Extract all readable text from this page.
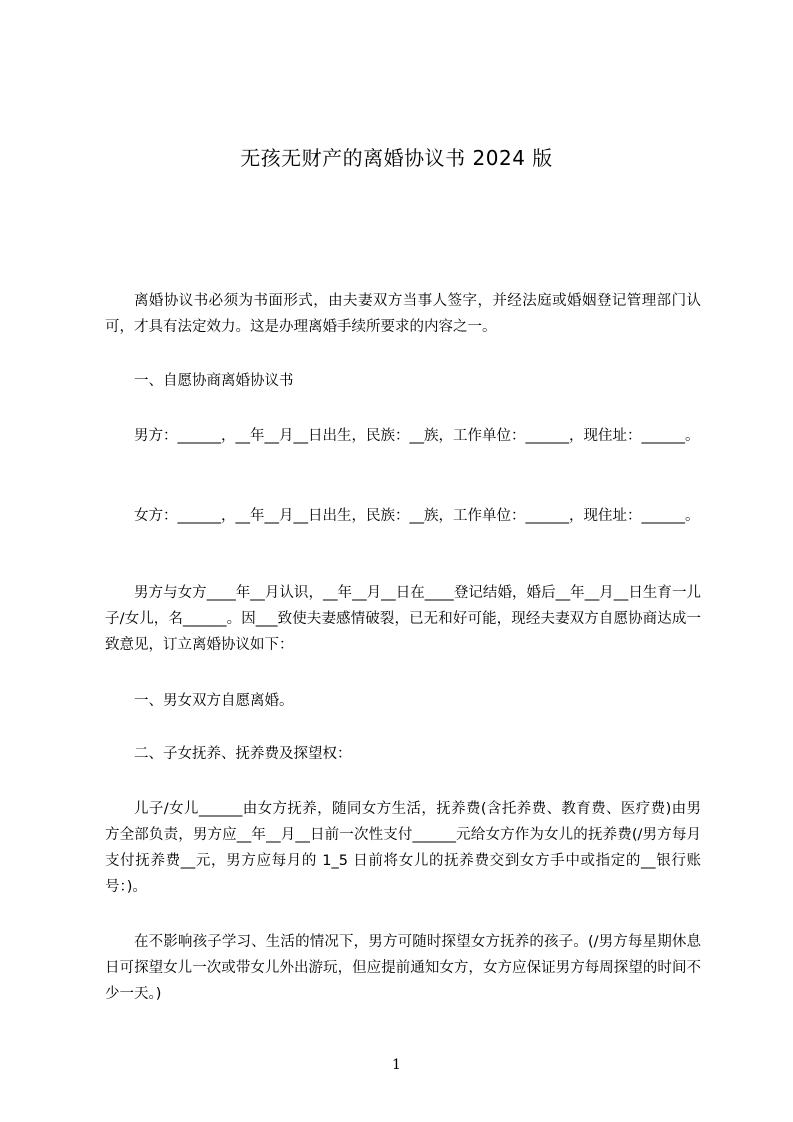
无孩无财产的离婚协议书 2024 版

离婚协议书必须为书面形式，由夫妻双方当事人签字，并经法庭或婚姻登记管理部门认可，才具有法定效力。这是办理离婚手续所要求的内容之一。

一、自愿协商离婚协议书

男方：______，__年__月__日出生，民族：__族，工作单位：______，现住址：______。

女方：______，__年__月__日出生，民族：__族，工作单位：______，现住址：______。

男方与女方____年__月认识，__年__月__日在____登记结婚，婚后__年__月__日生育一儿子/女儿，名______。因___致使夫妻感情破裂，已无和好可能，现经夫妻双方自愿协商达成一致意见，订立离婚协议如下：

一、男女双方自愿离婚。

二、子女抚养、抚养费及探望权：

儿子/女儿______由女方抚养，随同女方生活，抚养费(含托养费、教育费、医疗费)由男方全部负责，男方应__年__月__日前一次性支付______元给女方作为女儿的抚养费(/男方每月支付抚养费__元，男方应每月的 1_5 日前将女儿的抚养费交到女方手中或指定的__银行账号：)。

在不影响孩子学习、生活的情况下，男方可随时探望女方抚养的孩子。(/男方每星期休息日可探望女儿一次或带女儿外出游玩，但应提前通知女方，女方应保证男方每周探望的时间不少一天。)

1
